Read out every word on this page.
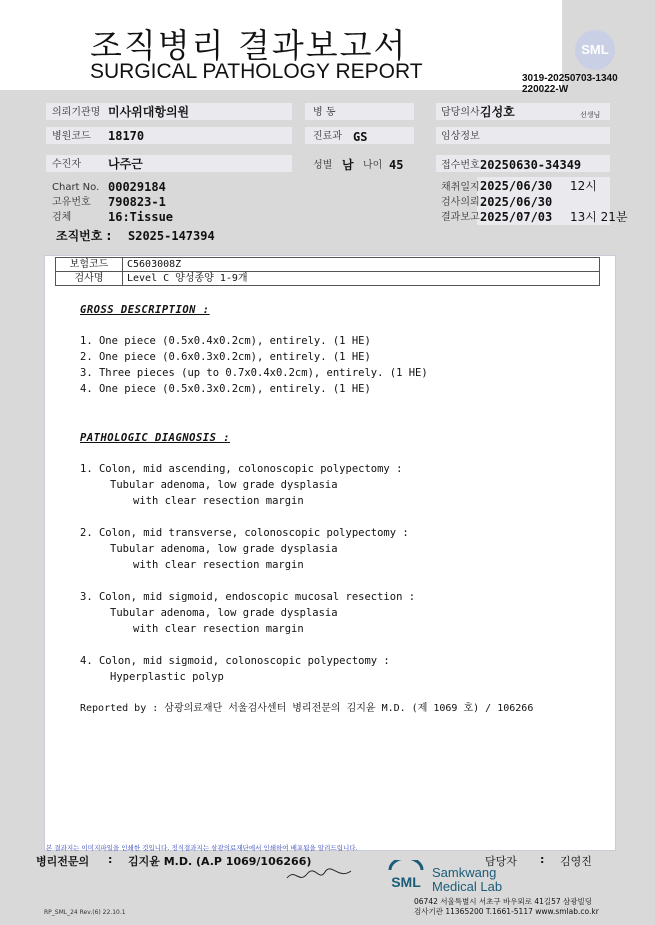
조직병리 결과보고서
SURGICAL PATHOLOGY REPORT
SML
3019-20250703-1340
220022-W
의뢰기관명 미사위대항의원	병 동	담당의사 김성호	선생님
병원코드 18170	진료과 GS	임상정보
수진자 나주근	성별 남 나이 45	접수번호 20250630-34349
Chart No. 00029184
고유번호 790823-1
검체	16:Tissue
채취일지 2025/06/30 12시
검사의뢰 2025/06/30
결과보고 2025/07/03 13시 21분
조직번호 : S2025-147394
보험코드	C5603008Z
검사명	Level C 양성종양 1-9개
GROSS DESCRIPTION :
1. One piece (0.5x0.4x0.2cm), entirely. (1 HE)
2. One piece (0.6x0.3x0.2cm), entirely. (1 HE)
3. Three pieces (up to 0.7x0.4x0.2cm), entirely. (1 HE)
4. One piece (0.5x0.3x0.2cm), entirely. (1 HE)
PATHOLOGIC DIAGNOSIS :
1. Colon, mid ascending, colonoscopic polypectomy :
Tubular adenoma, low grade dysplasia
with clear resection margin
2. Colon, mid transverse, colonoscopic polypectomy :
Tubular adenoma, low grade dysplasia
with clear resection margin
3. Colon, mid sigmoid, endoscopic mucosal resection :
Tubular adenoma, low grade dysplasia
with clear resection margin
4. Colon, mid sigmoid, colonoscopic polypectomy :
Hyperplastic polyp
Reported by : 삼광의료재단 서울검사센터 병리전문의 김지윤 M.D. (제 1069 호) / 106266
본 결과지는 이미지파일을 인쇄한 것입니다. 정식결과지는 삼광의료재단에서 인쇄하여 배포됨을 알려드립니다.
병리전문의 : 김지윤 M.D. (A.P 1069/106266)	담당자 : 김영진
SML
Samkwang
Medical Lab
06742 서울특별시 서초구 바우뫼로 41길57 삼광빌딩
검사기관 11365200 T.1661-5117 www.smlab.co.kr
RP_SML_24 Rev.(6) 22.10.1
